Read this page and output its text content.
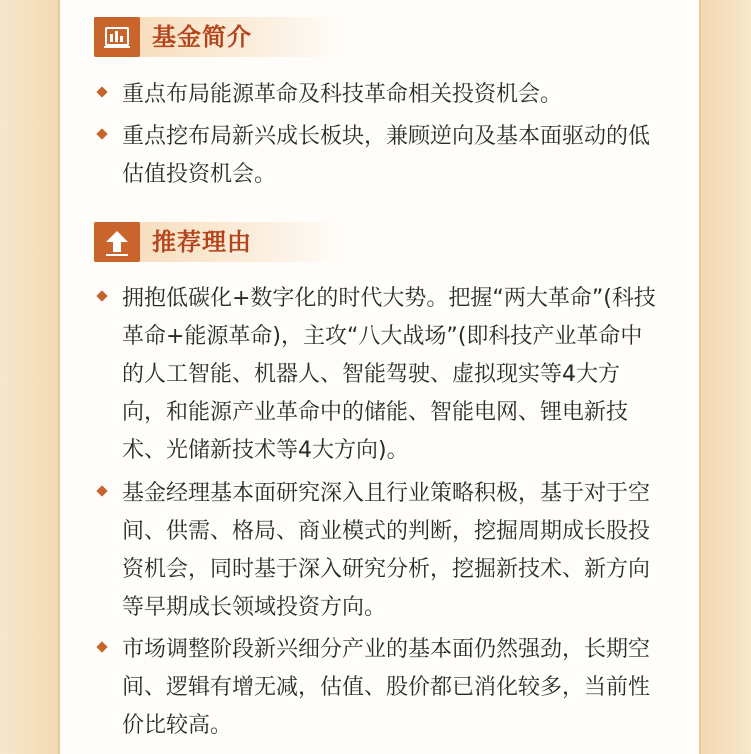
基金简介

重点布局能源革命及科技革命相关投资机会。

重点挖布局新兴成长板块，兼顾逆向及基本面驱动的低估值投资机会。

推荐理由

拥抱低碳化+数字化的时代大势。把握“两大革命”(科技革命+能源革命)，主攻“八大战场”(即科技产业革命中的人工智能、机器人、智能驾驶、虚拟现实等4大方向，和能源产业革命中的储能、智能电网、锂电新技术、光储新技术等4大方向)。

基金经理基本面研究深入且行业策略积极，基于对于空间、供需、格局、商业模式的判断，挖掘周期成长股投资机会，同时基于深入研究分析，挖掘新技术、新方向等早期成长领域投资方向。

市场调整阶段新兴细分产业的基本面仍然强劲，长期空间、逻辑有增无减，估值、股价都已消化较多，当前性价比较高。
